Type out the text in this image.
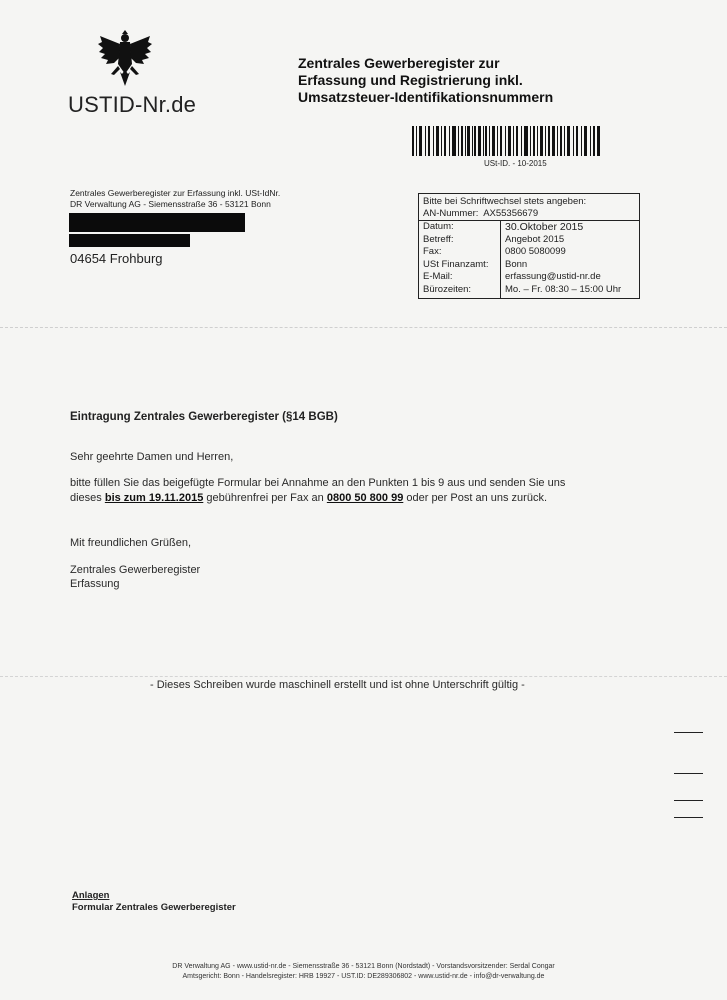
USTID-Nr.de
Zentrales Gewerberegister zur
Erfassung und Registrierung inkl.
Umsatzsteuer-Identifikationsnummern
USt-ID. - 10-2015
Zentrales Gewerberegister zur Erfassung inkl. USt-IdNr.
DR Verwaltung AG - Siemensstraße 36 - 53121 Bonn
04654 Frohburg
Bitte bei Schriftwechsel stets angeben:
AN-Nummer: AX55356679
Datum:
Betreff:
Fax:
USt Finanzamt:
E-Mail:
Bürozeiten:
30.Oktober 2015
Angebot 2015
0800 5080099
Bonn
erfassung@ustid-nr.de
Mo. – Fr. 08:30 – 15:00 Uhr
Eintragung Zentrales Gewerberegister (§14 BGB)
Sehr geehrte Damen und Herren,
bitte füllen Sie das beigefügte Formular bei Annahme an den Punkten 1 bis 9 aus und senden Sie uns
dieses bis zum 19.11.2015 gebührenfrei per Fax an 0800 50 800 99 oder per Post an uns zurück.
Mit freundlichen Grüßen,
Zentrales Gewerberegister
Erfassung
- Dieses Schreiben wurde maschinell erstellt und ist ohne Unterschrift gültig -
Anlagen
Formular Zentrales Gewerberegister
DR Verwaltung AG - www.ustid-nr.de - Siemensstraße 36 - 53121 Bonn (Nordstadt) - Vorstandsvorsitzender: Serdal Congar
Amtsgericht: Bonn - Handelsregister: HRB 19927 - UST.ID: DE289306802 - www.ustid-nr.de - info@dr-verwaltung.de
